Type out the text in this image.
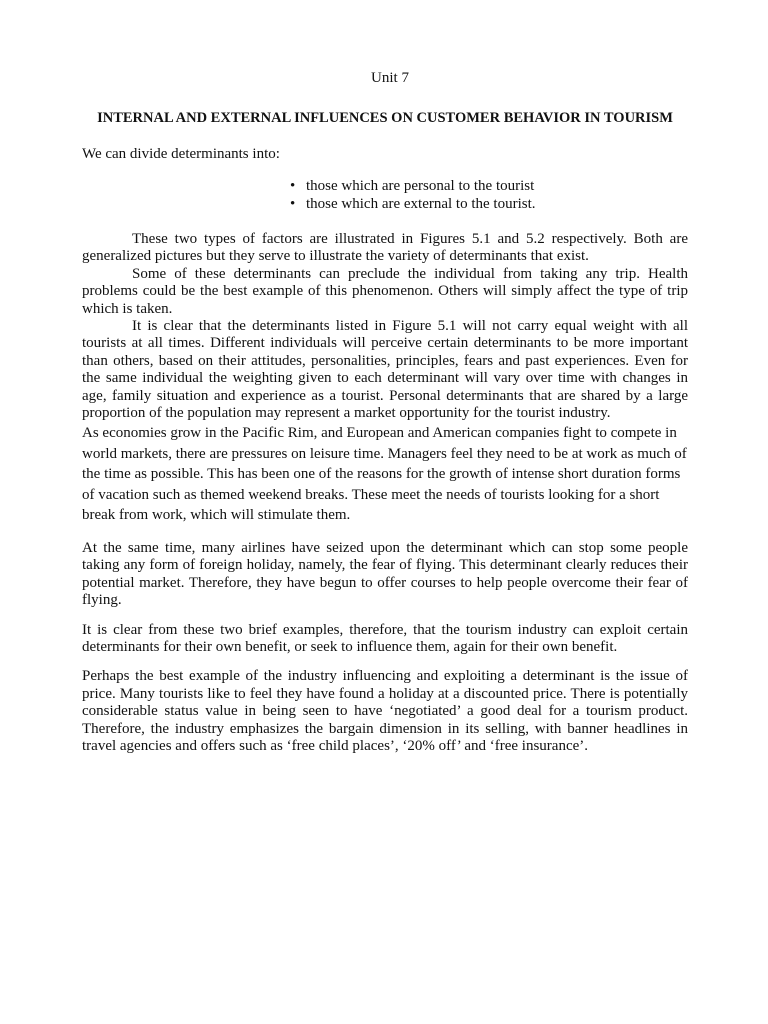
Unit 7
INTERNAL AND EXTERNAL INFLUENCES ON CUSTOMER BEHAVIOR IN TOURISM

We can divide determinants into:

• those which are personal to the tourist
• those which are external to the tourist.

These two types of factors are illustrated in Figures 5.1 and 5.2 respectively. Both are generalized pictures but they serve to illustrate the variety of determinants that exist.

Some of these determinants can preclude the individual from taking any trip. Health problems could be the best example of this phenomenon. Others will simply affect the type of trip which is taken.

It is clear that the determinants listed in Figure 5.1 will not carry equal weight with all tourists at all times. Different individuals will perceive certain determinants to be more important than others, based on their attitudes, personalities, principles, fears and past experiences. Even for the same individual the weighting given to each determinant will vary over time with changes in age, family situation and experience as a tourist. Personal determinants that are shared by a large proportion of the population may represent a market opportunity for the tourist industry.

As economies grow in the Pacific Rim, and European and American companies fight to compete in world markets, there are pressures on leisure time. Managers feel they need to be at work as much of the time as possible. This has been one of the reasons for the growth of intense short duration forms of vacation such as themed weekend breaks. These meet the needs of tourists looking for a short break from work, which will stimulate them.

At the same time, many airlines have seized upon the determinant which can stop some people taking any form of foreign holiday, namely, the fear of flying. This determinant clearly reduces their potential market. Therefore, they have begun to offer courses to help people overcome their fear of flying.

It is clear from these two brief examples, therefore, that the tourism industry can exploit certain determinants for their own benefit, or seek to influence them, again for their own benefit.

Perhaps the best example of the industry influencing and exploiting a determinant is the issue of price. Many tourists like to feel they have found a holiday at a discounted price. There is potentially considerable status value in being seen to have ‘negotiated’ a good deal for a tourism product. Therefore, the industry emphasizes the bargain dimension in its selling, with banner headlines in travel agencies and offers such as ‘free child places’, ‘20% off’ and ‘free insurance’.
